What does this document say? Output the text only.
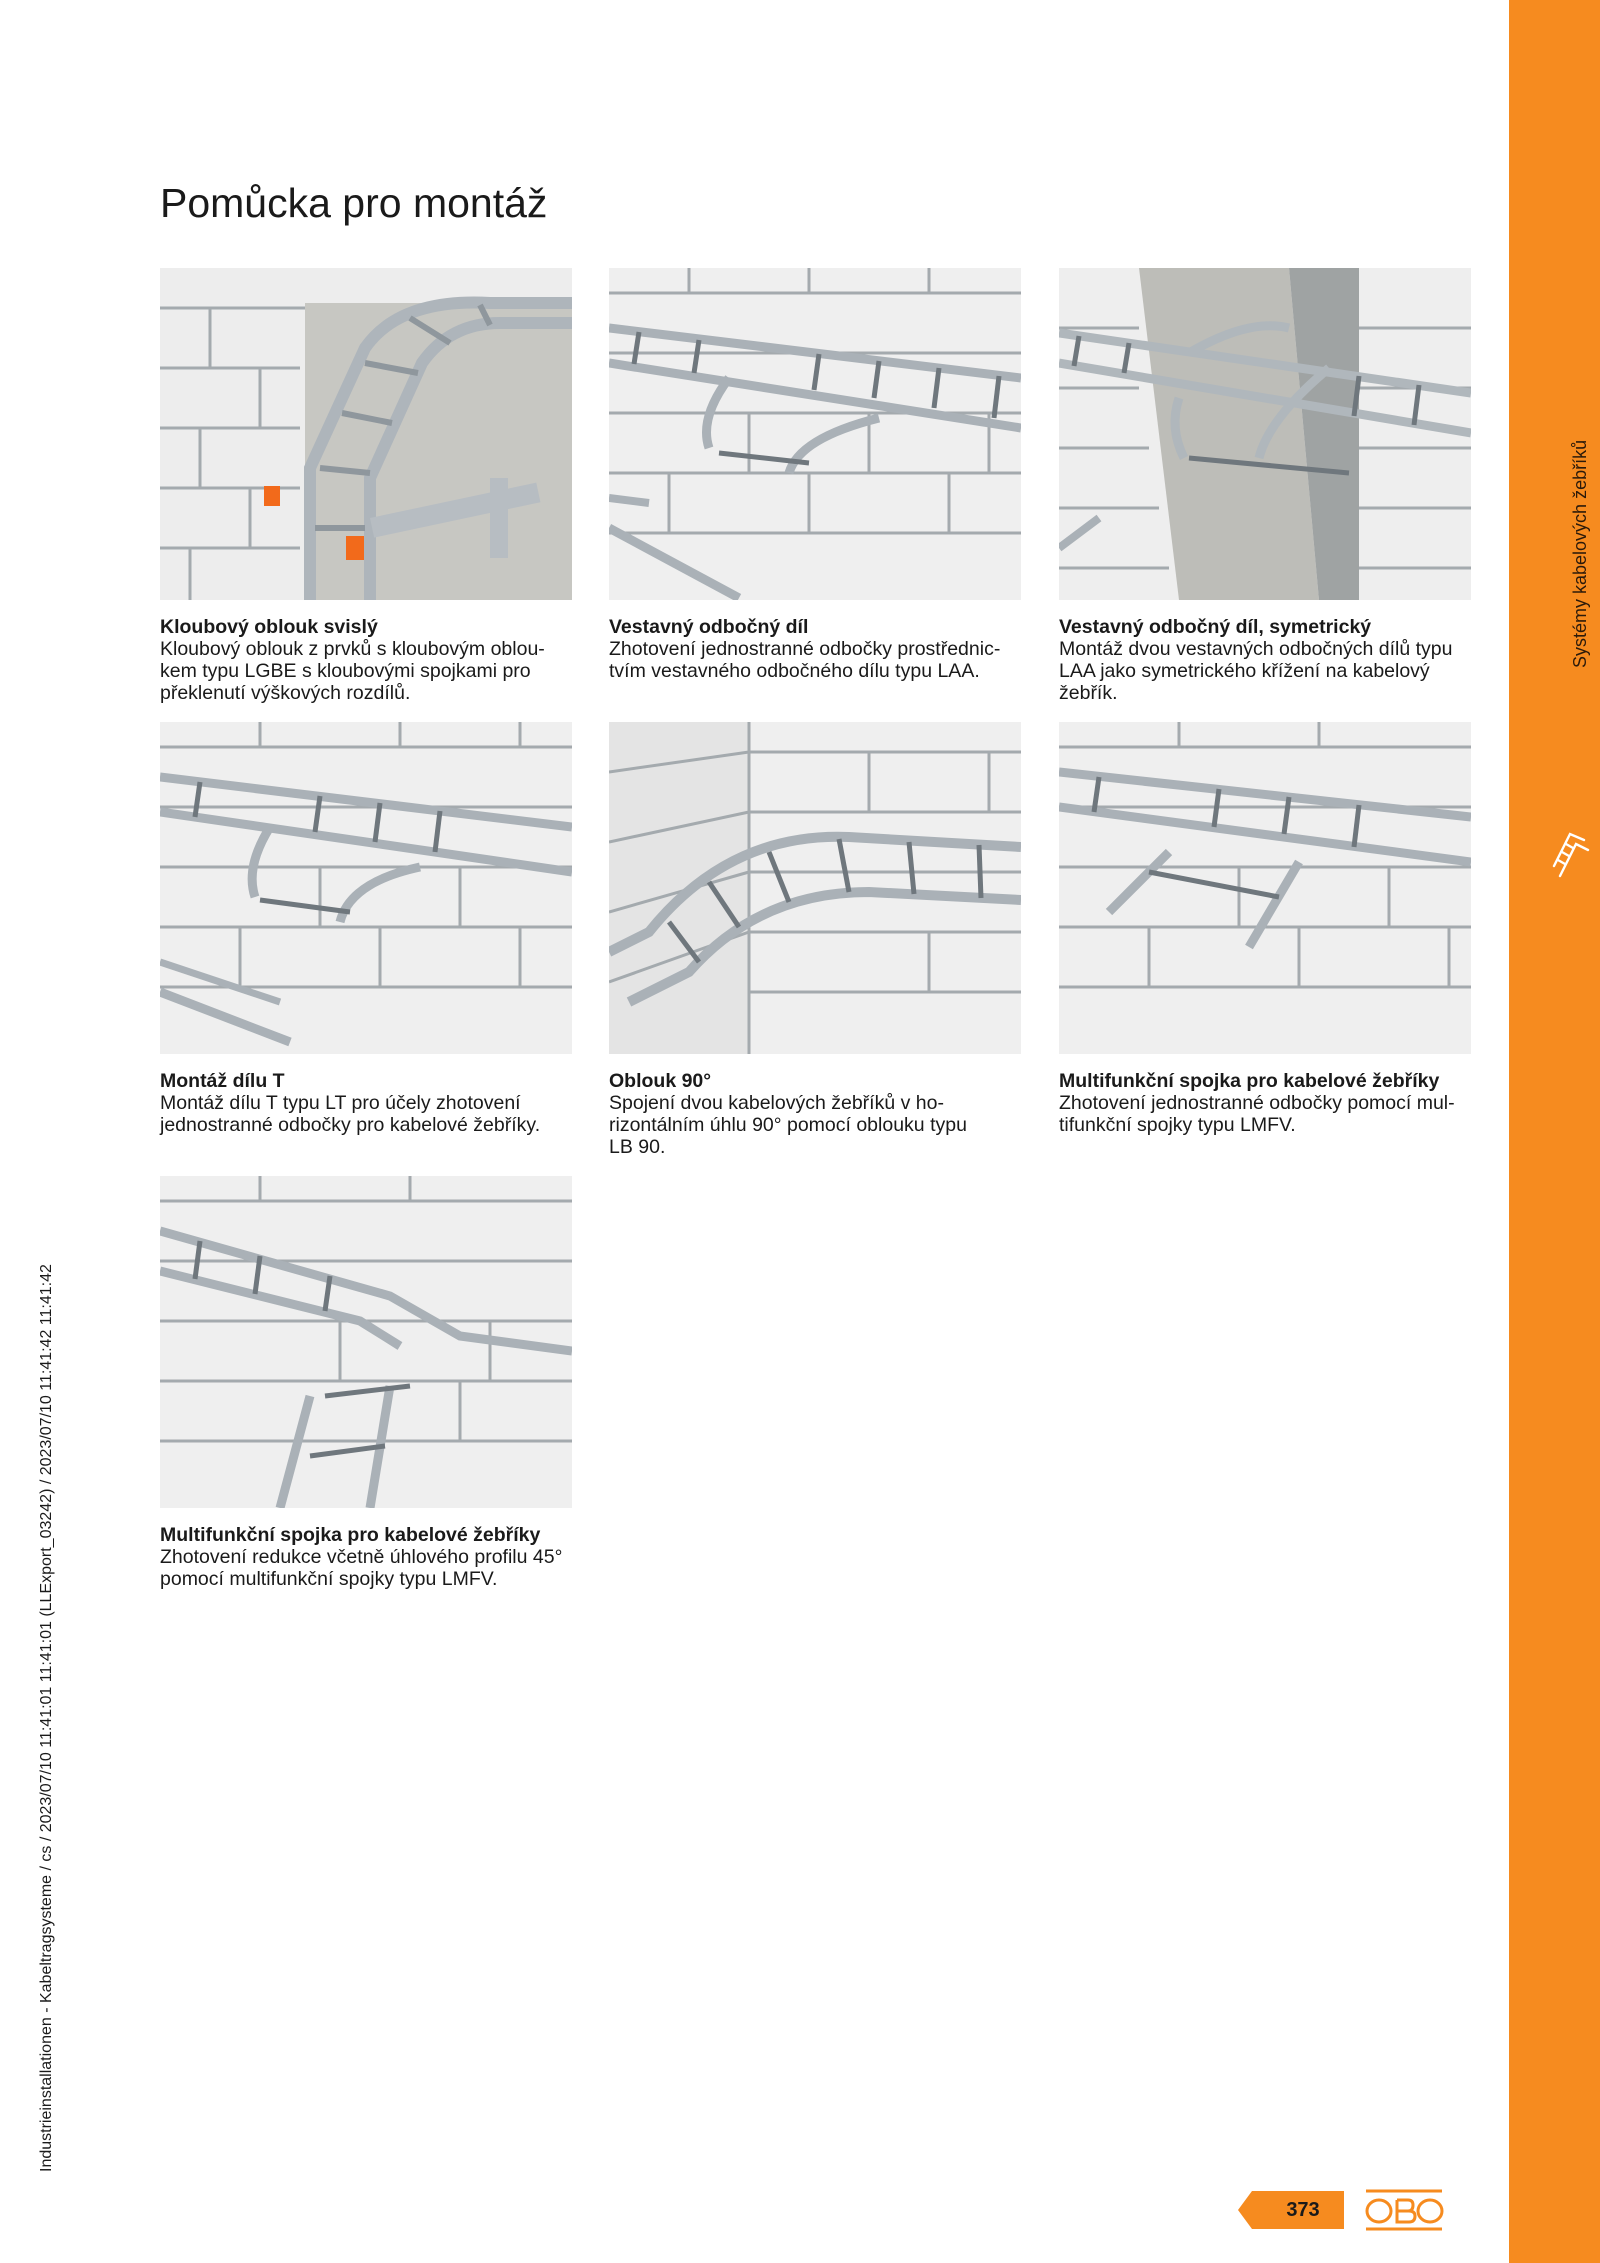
Systémy kabelových žebříků
Industrieinstallationen - Kabeltragsysteme / cs / 2023/07/10 11:41:01 11:41:01 (LLExport_03242) / 2023/07/10 11:41:42 11:41:42
Pomůcka pro montáž
Kloubový oblouk svislý
Kloubový oblouk z prvků s kloubovým oblou-
kem typu LGBE s kloubovými spojkami pro
překlenutí výškových rozdílů.
Vestavný odbočný díl
Zhotovení jednostranné odbočky prostřednic-
tvím vestavného odbočného dílu typu LAA.
Vestavný odbočný díl, symetrický
Montáž dvou vestavných odbočných dílů typu
LAA jako symetrického křížení na kabelový
žebřík.
Montáž dílu T
Montáž dílu T typu LT pro účely zhotovení
jednostranné odbočky pro kabelové žebříky.
Oblouk 90°
Spojení dvou kabelových žebříků v ho-
rizontálním úhlu 90° pomocí oblouku typu
LB 90.
Multifunkční spojka pro kabelové žebříky
Zhotovení jednostranné odbočky pomocí mul-
tifunkční spojky typu LMFV.
Multifunkční spojka pro kabelové žebříky
Zhotovení redukce včetně úhlového profilu 45°
pomocí multifunkční spojky typu LMFV.
373
